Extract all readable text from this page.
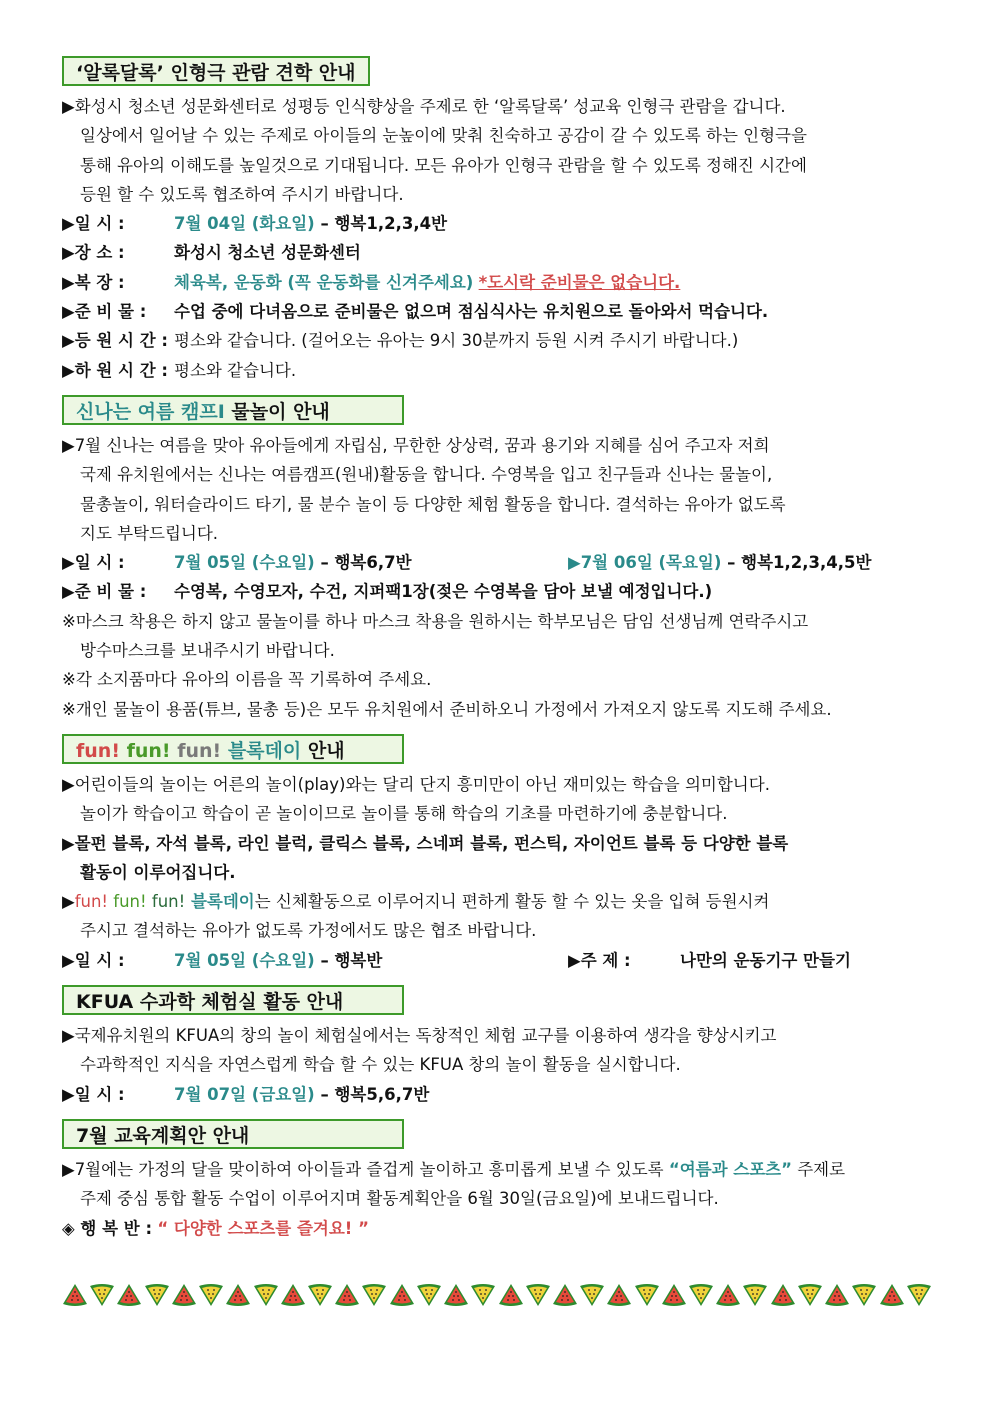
‘알록달록’ 인형극 관람 견학 안내
▶화성시 청소년 성문화센터로 성평등 인식향상을 주제로 한 ‘알록달록’ 성교육 인형극 관람을 갑니다.
일상에서 일어날 수 있는 주제로 아이들의 눈높이에 맞춰 친숙하고 공감이 갈 수 있도록 하는 인형극을
통해 유아의 이해도를 높일것으로 기대됩니다. 모든 유아가 인형극 관람을 할 수 있도록 정해진 시간에
등원 할 수 있도록 협조하여 주시기 바랍니다.
▶일 시 :	7월 04일 (화요일) – 행복1,2,3,4반
▶장 소 :	화성시 청소년 성문화센터
▶복 장 :	체육복, 운동화 (꼭 운동화를 신겨주세요) *도시락 준비물은 없습니다.
▶준 비 물 : 수업 중에 다녀옴으로 준비물은 없으며 점심식사는 유치원으로 돌아와서 먹습니다.
▶등 원 시 간 : 평소와 같습니다. (걸어오는 유아는 9시 30분까지 등원 시켜 주시기 바랍니다.)
▶하 원 시 간 : 평소와 같습니다.
신나는 여름 캠프Ⅰ 물놀이 안내
▶7월 신나는 여름을 맞아 유아들에게 자립심, 무한한 상상력, 꿈과 용기와 지혜를 심어 주고자 저희
국제 유치원에서는 신나는 여름캠프(원내)활동을 합니다. 수영복을 입고 친구들과 신나는 물놀이,
물총놀이, 워터슬라이드 타기, 물 분수 놀이 등 다양한 체험 활동을 합니다. 결석하는 유아가 없도록
지도 부탁드립니다.
▶일 시 :	7월 05일 (수요일) – 행복6,7반	▶7월 06일 (목요일) – 행복1,2,3,4,5반
▶준 비 물 : 수영복, 수영모자, 수건, 지퍼팩1장(젖은 수영복을 담아 보낼 예정입니다.)
※마스크 착용은 하지 않고 물놀이를 하나 마스크 착용을 원하시는 학부모님은 담임 선생님께 연락주시고
방수마스크를 보내주시기 바랍니다.
※각 소지품마다 유아의 이름을 꼭 기록하여 주세요.
※개인 물놀이 용품(튜브, 물총 등)은 모두 유치원에서 준비하오니 가정에서 가져오지 않도록 지도해 주세요.
fun! fun! fun! 블록데이 안내
▶어린이들의 놀이는 어른의 놀이(play)와는 달리 단지 흥미만이 아닌 재미있는 학습을 의미합니다.
놀이가 학습이고 학습이 곧 놀이이므로 놀이를 통해 학습의 기초를 마련하기에 충분합니다.
▶몰펀 블록, 자석 블록, 라인 블럭, 클릭스 블록, 스네퍼 블록, 펀스틱, 자이언트 블록 등 다양한 블록
활동이 이루어집니다.
▶fun! fun! fun! 블록데이는 신체활동으로 이루어지니 편하게 활동 할 수 있는 옷을 입혀 등원시켜
주시고 결석하는 유아가 없도록 가정에서도 많은 협조 바랍니다.
▶일 시 :	7월 05일 (수요일) – 행복반	▶주 제 :	나만의 운동기구 만들기
KFUA 수과학 체험실 활동 안내
▶국제유치원의 KFUA의 창의 놀이 체험실에서는 독창적인 체험 교구를 이용하여 생각을 향상시키고
수과학적인 지식을 자연스럽게 학습 할 수 있는 KFUA 창의 놀이 활동을 실시합니다.
▶일 시 :	7월 07일 (금요일) – 행복5,6,7반
7월 교육계획안 안내
▶7월에는 가정의 달을 맞이하여 아이들과 즐겁게 놀이하고 흥미롭게 보낼 수 있도록 “여름과 스포츠” 주제로
주제 중심 통합 활동 수업이 이루어지며 활동계획안을 6월 30일(금요일)에 보내드립니다.
◈ 행 복 반 : “ 다양한 스포츠를 즐겨요! ”
